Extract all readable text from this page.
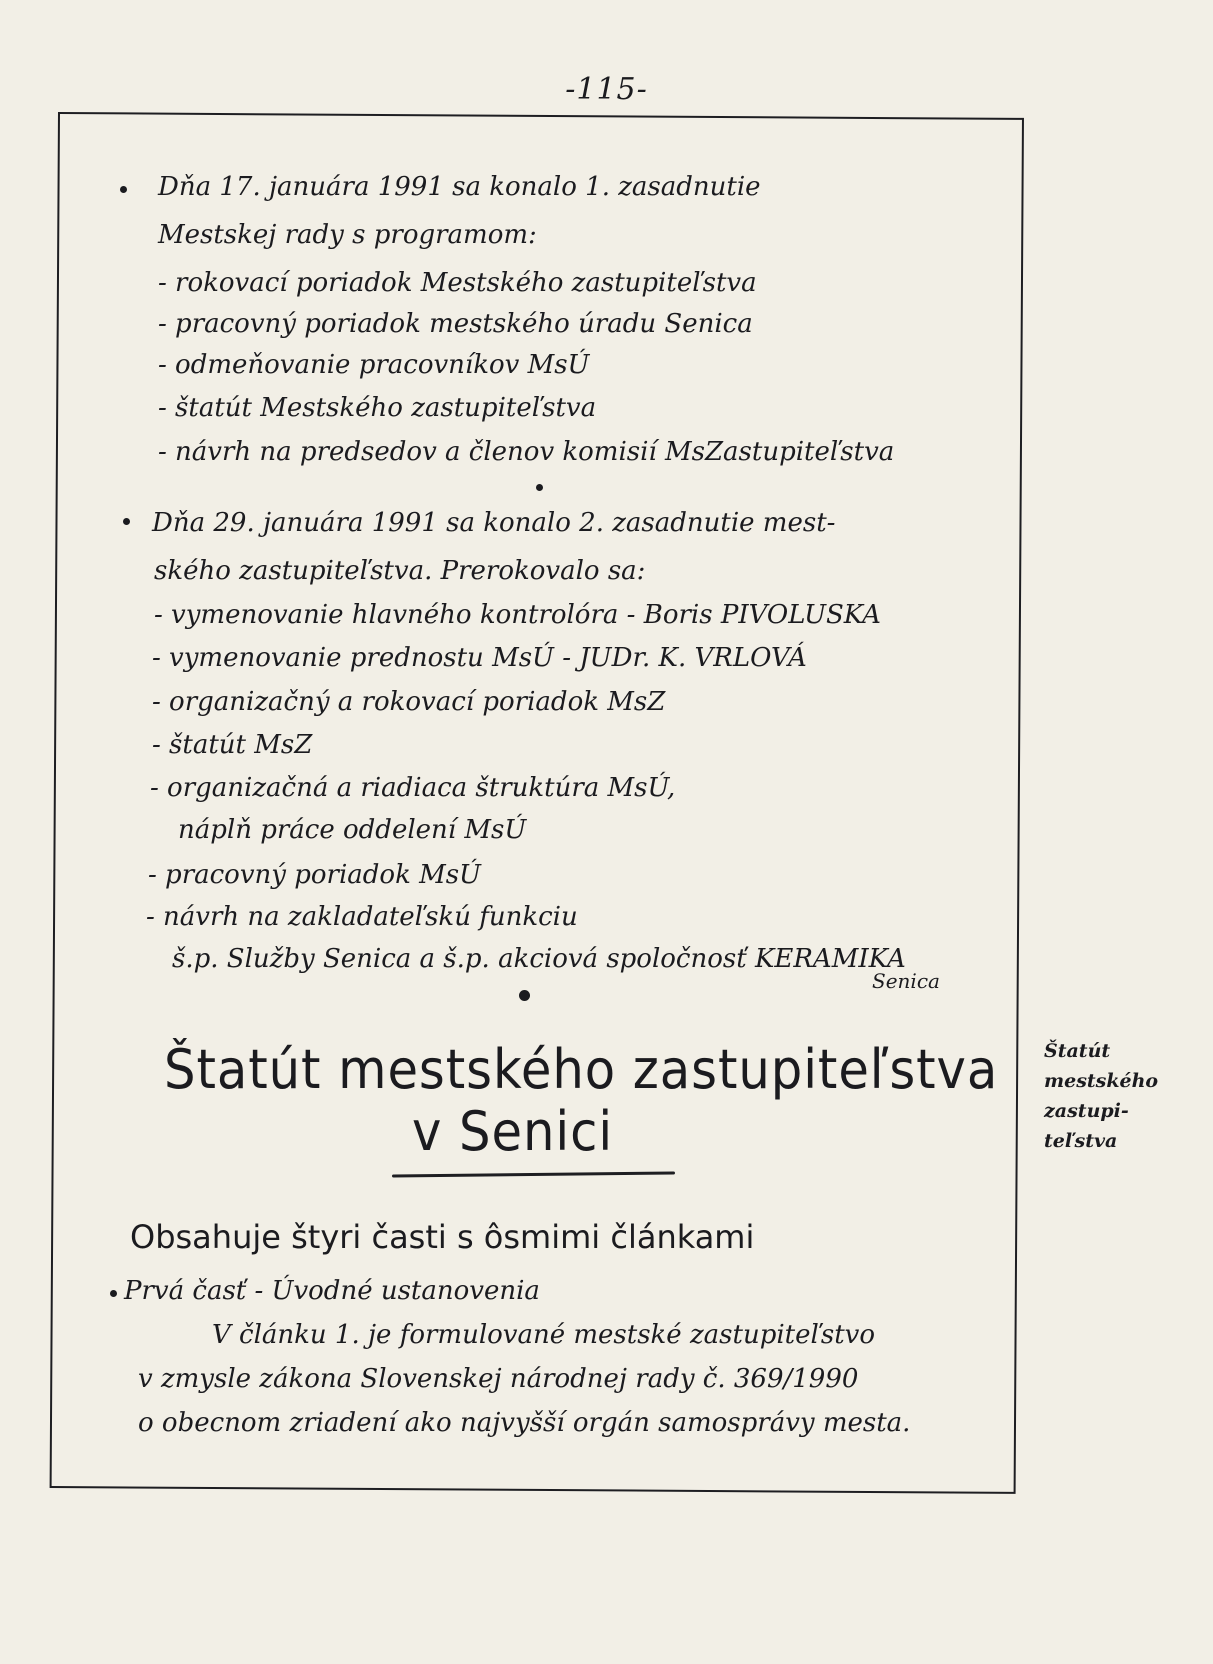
-115-
Dňa 17. januára 1991 sa konalo 1. zasadnutie
Mestskej rady s programom:
- rokovací poriadok Mestského zastupiteľstva
- pracovný poriadok mestského úradu Senica
- odmeňovanie pracovníkov MsÚ
- štatút Mestského zastupiteľstva
- návrh na predsedov a členov komisií MsZastupiteľstva
Dňa 29. januára 1991 sa konalo 2. zasadnutie mest-
ského zastupiteľstva. Prerokovalo sa:
- vymenovanie hlavného kontrolóra - Boris PIVOLUSKA
- vymenovanie prednostu MsÚ - JUDr. K. VRLOVÁ
- organizačný a rokovací poriadok MsZ
- štatút MsZ
- organizačná a riadiaca štruktúra MsÚ,
náplň práce oddelení MsÚ
- pracovný poriadok MsÚ
- návrh na zakladateľskú funkciu
š.p. Služby Senica a š.p. akciová spoločnosť KERAMIKA
Senica
Štatút mestského zastupiteľstva
v Senici
Obsahuje štyri časti s ôsmimi článkami
Prvá časť - Úvodné ustanovenia
V článku 1. je formulované mestské zastupiteľstvo
v zmysle zákona Slovenskej národnej rady č. 369/1990
o obecnom zriadení ako najvyšší orgán samosprávy mesta.
Štatút
mestského
zastupi-
teľstva
